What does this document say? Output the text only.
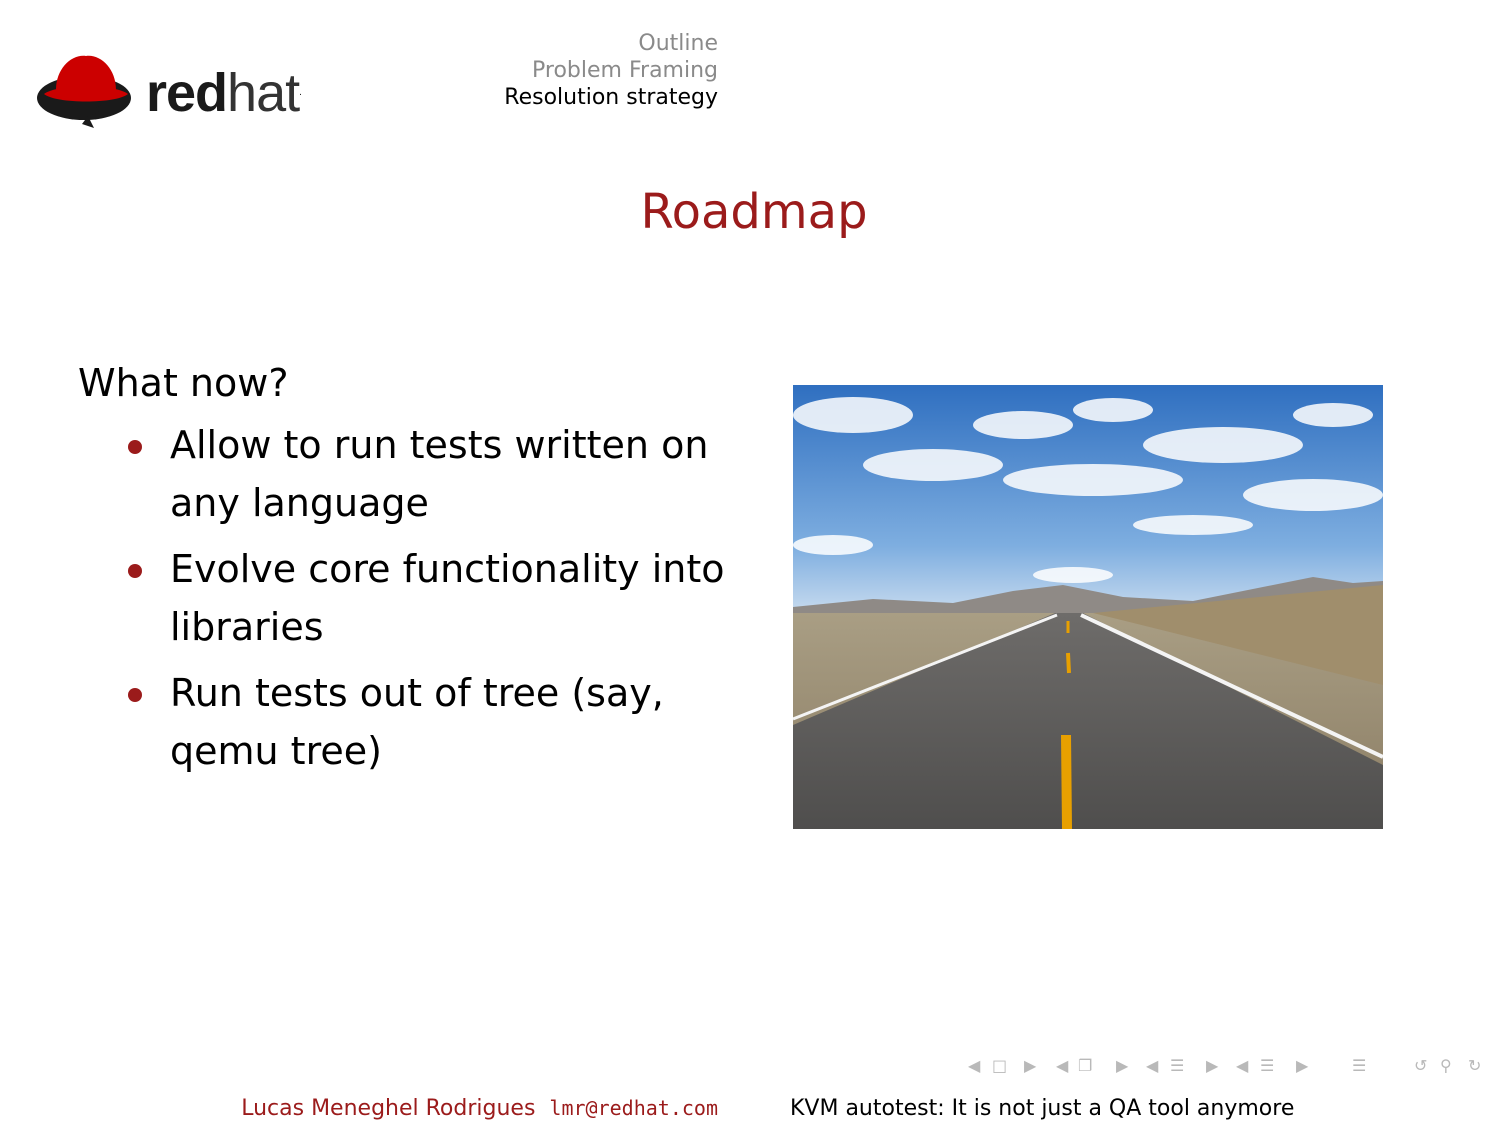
redhat.
Outline
Problem Framing
Resolution strategy
Roadmap
What now?
Allow to run tests written on any language
Evolve core functionality into libraries
Run tests out of tree (say, qemu tree)
◀ □ ▶ ◀ ❐ ▶ ◀ ☰ ▶ ◀ ☰ ▶	☰	↺ ⚲ ↻
Lucas Meneghel Rodrigues lmr@redhat.com	KVM autotest: It is not just a QA tool anymore
